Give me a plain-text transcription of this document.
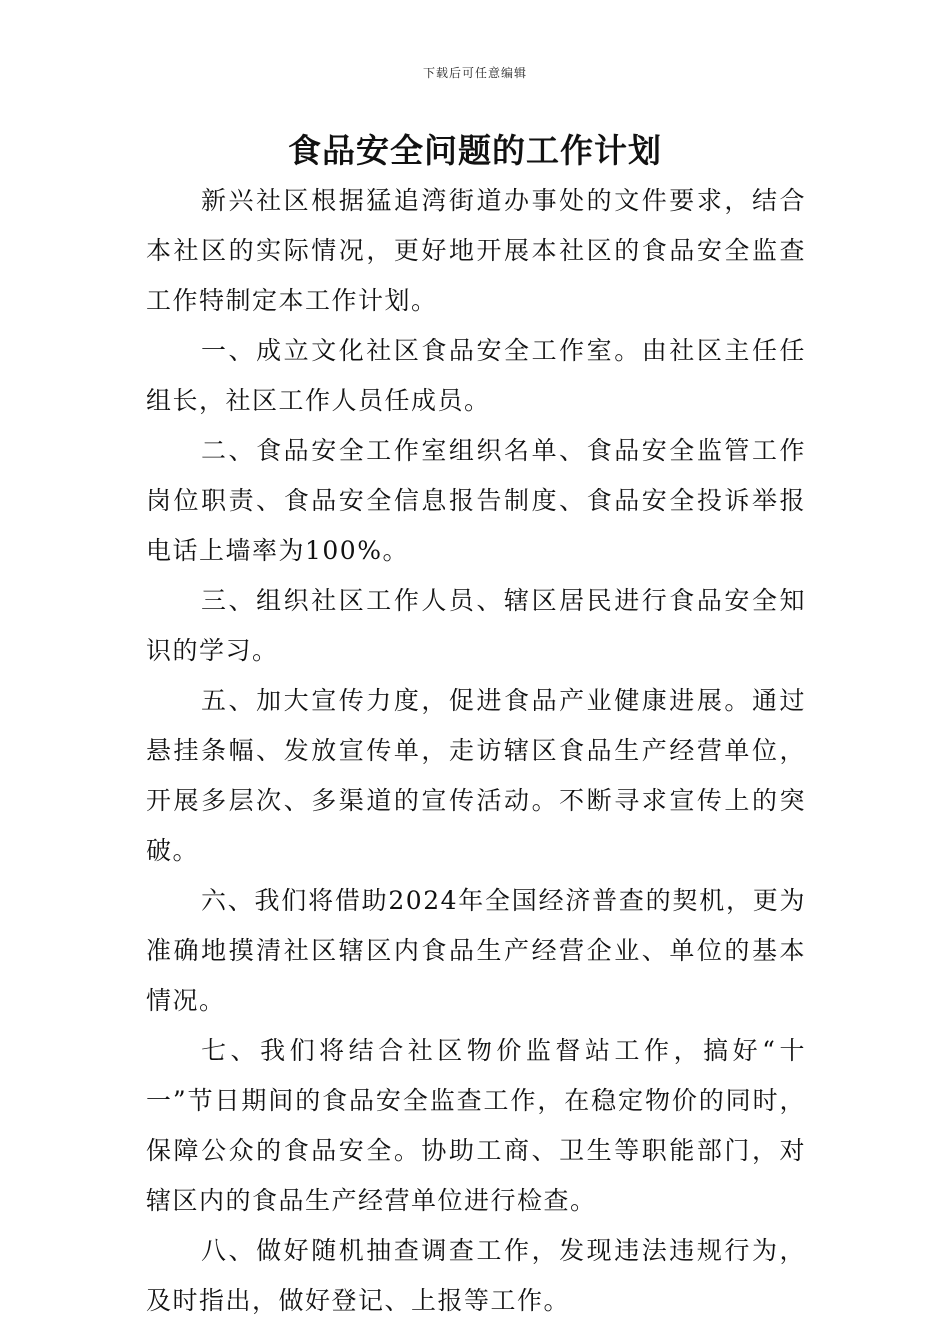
下载后可任意编辑
食品安全问题的工作计划

新兴社区根据猛追湾街道办事处的文件要求，结合本社区的实际情况，更好地开展本社区的食品安全监查工作特制定本工作计划。

一、成立文化社区食品安全工作室。由社区主任任组长，社区工作人员任成员。

二、食品安全工作室组织名单、食品安全监管工作岗位职责、食品安全信息报告制度、食品安全投诉举报电话上墙率为100%。

三、组织社区工作人员、辖区居民进行食品安全知识的学习。

五、加大宣传力度，促进食品产业健康进展。通过悬挂条幅、发放宣传单，走访辖区食品生产经营单位，开展多层次、多渠道的宣传活动。不断寻求宣传上的突破。

六、我们将借助2024年全国经济普查的契机，更为准确地摸清社区辖区内食品生产经营企业、单位的基本情况。

七、我们将结合社区物价监督站工作，搞好“十一”节日期间的食品安全监查工作，在稳定物价的同时，保障公众的食品安全。协助工商、卫生等职能部门，对辖区内的食品生产经营单位进行检查。

八、做好随机抽查调查工作，发现违法违规行为，及时指出，做好登记、上报等工作。
